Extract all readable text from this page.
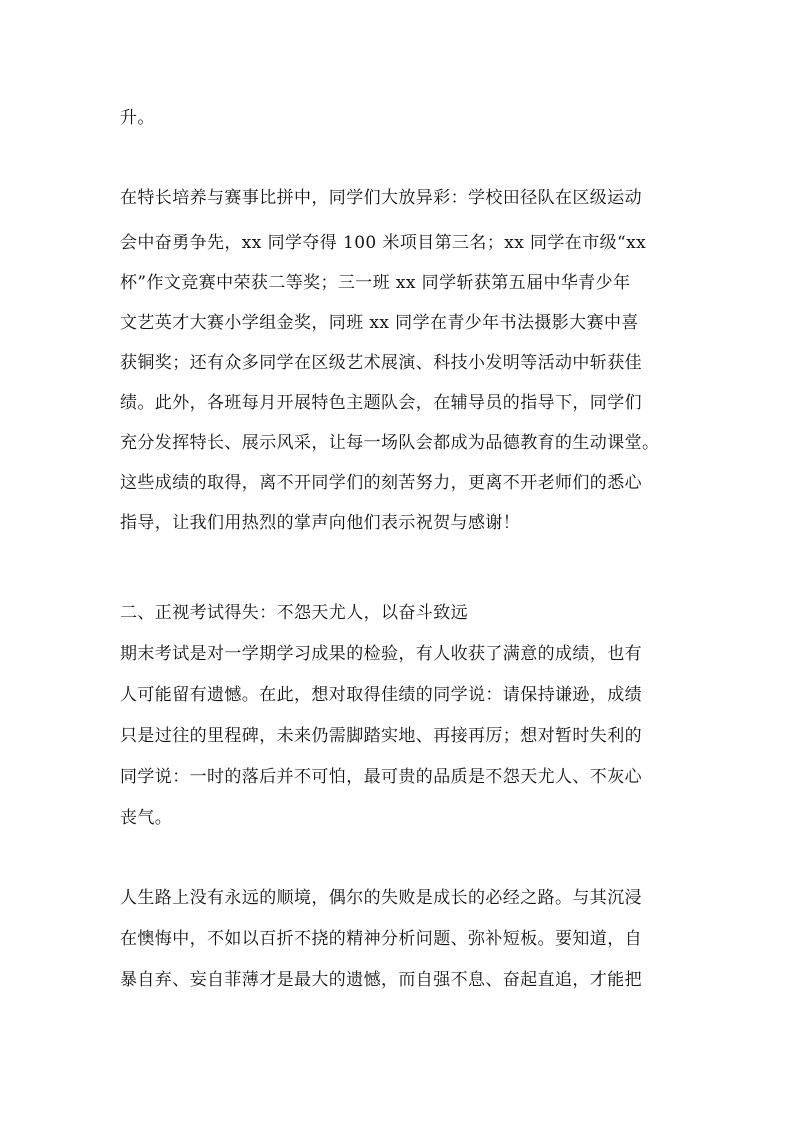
升。
在特长培养与赛事比拼中，同学们大放异彩：学校田径队在区级运动
会中奋勇争先，xx 同学夺得 100 米项目第三名；xx 同学在市级“xx
杯”作文竞赛中荣获二等奖；三一班 xx 同学斩获第五届中华青少年
文艺英才大赛小学组金奖，同班 xx 同学在青少年书法摄影大赛中喜
获铜奖；还有众多同学在区级艺术展演、科技小发明等活动中斩获佳
绩。此外，各班每月开展特色主题队会，在辅导员的指导下，同学们
充分发挥特长、展示风采，让每一场队会都成为品德教育的生动课堂。
这些成绩的取得，离不开同学们的刻苦努力，更离不开老师们的悉心
指导，让我们用热烈的掌声向他们表示祝贺与感谢！
二、正视考试得失：不怨天尤人，以奋斗致远
期末考试是对一学期学习成果的检验，有人收获了满意的成绩，也有
人可能留有遗憾。在此，想对取得佳绩的同学说：请保持谦逊，成绩
只是过往的里程碑，未来仍需脚踏实地、再接再厉；想对暂时失利的
同学说：一时的落后并不可怕，最可贵的品质是不怨天尤人、不灰心
丧气。
人生路上没有永远的顺境，偶尔的失败是成长的必经之路。与其沉浸
在懊悔中，不如以百折不挠的精神分析问题、弥补短板。要知道，自
暴自弃、妄自菲薄才是最大的遗憾，而自强不息、奋起直追，才能把
